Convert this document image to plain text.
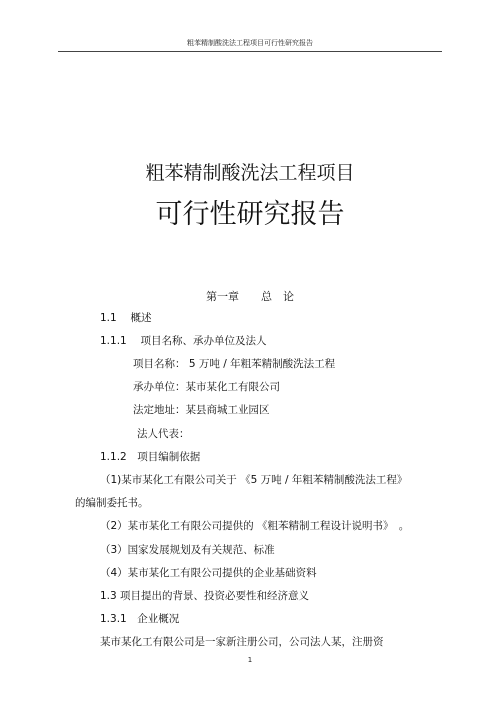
粗苯精制酸洗法工程项目可行性研究报告
粗苯精制酸洗法工程项目
可行性研究报告
第一章　　总　论
1.1　 概述
1.1.1　 项目名称、承办单位及法人
项目名称： 5 万吨 / 年粗苯精制酸洗法工程
承办单位：某市某化工有限公司
法定地址：某县商城工业园区
法人代表：
1.1.2　项目编制依据
（1)某市某化工有限公司关于 《5 万吨 / 年粗苯精制酸洗法工程》
的编制委托书。
（2）某市某化工有限公司提供的 《粗苯精制工程设计说明书》　。
（3）国家发展规划及有关规范、标准
（4）某市某化工有限公司提供的企业基础资料
1.3 项目提出的背景、投资必要性和经济意义
1.3.1　企业概况
某市某化工有限公司是一家新注册公司，公司法人某，注册资
1
